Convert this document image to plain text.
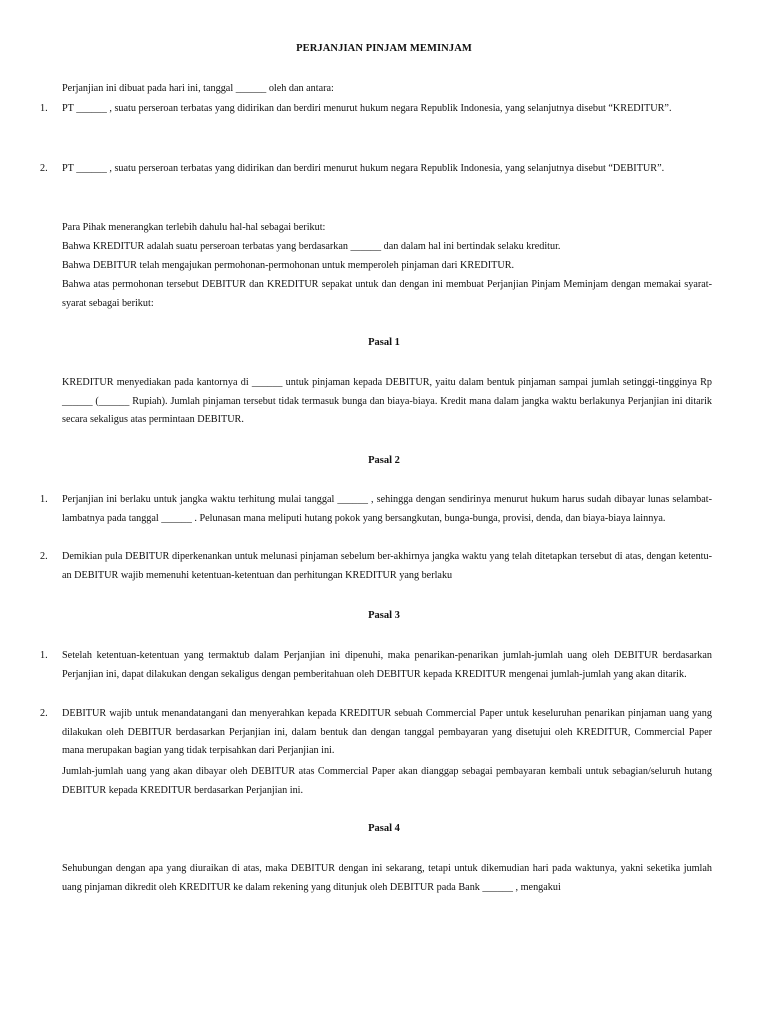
PERJANJIAN PINJAM MEMINJAM
Perjanjian ini dibuat pada hari ini, tanggal ______ oleh dan antara:
1.	PT ______ , suatu perseroan terbatas yang didirikan dan berdiri menurut hukum negara Republik Indonesia, yang selanjutnya disebut “KREDITUR”.
2.	PT ______ , suatu perseroan terbatas yang didirikan dan berdiri menurut hukum negara Republik Indonesia, yang selanjutnya disebut “DEBITUR”.
Para Pihak menerangkan terlebih dahulu hal-hal sebagai berikut:
Bahwa KREDITUR adalah suatu perseroan terbatas yang berdasarkan ______ dan dalam hal ini bertindak selaku kreditur.
Bahwa DEBITUR telah mengajukan permohonan-permohonan untuk memperoleh pinjaman dari KREDITUR.
Bahwa atas permohonan tersebut DEBITUR dan KREDITUR sepakat untuk dan dengan ini membuat Perjanjian Pinjam Meminjam dengan memakai syarat-syarat sebagai berikut:
Pasal 1
KREDITUR menyediakan pada kantornya di ______ untuk pinjaman kepada DEBITUR, yaitu dalam bentuk pinjaman sampai jumlah setinggi-tingginya Rp ______ (______ Rupiah). Jumlah pinjaman tersebut tidak termasuk bunga dan biaya-biaya. Kredit mana dalam jangka waktu berlakunya Perjanjian ini ditarik secara sekaligus atas permintaan DEBITUR.
Pasal 2
1.	Perjanjian ini berlaku untuk jangka waktu terhitung mulai tanggal ______ , sehingga dengan sendirinya menurut hukum harus sudah dibayar lunas selambat-lambatnya pada tanggal ______ . Pelunasan mana meliputi hutang pokok yang bersangkutan, bunga-bunga, provisi, denda, dan biaya-biaya lainnya.
2.	Demikian pula DEBITUR diperkenankan untuk melunasi pinjaman sebelum ber-akhirnya jangka waktu yang telah ditetapkan tersebut di atas, dengan ketentu-an DEBITUR wajib memenuhi ketentuan-ketentuan dan perhitungan KREDITUR yang berlaku
Pasal 3
1.	Setelah ketentuan-ketentuan yang termaktub dalam Perjanjian ini dipenuhi, maka penarikan-penarikan jumlah-jumlah uang oleh DEBITUR berdasarkan Perjanjian ini, dapat dilakukan dengan sekaligus dengan pemberitahuan oleh DEBITUR kepada KREDITUR mengenai jumlah-jumlah yang akan ditarik.
2.	DEBITUR wajib untuk menandatangani dan menyerahkan kepada KREDITUR sebuah Commercial Paper untuk keseluruhan penarikan pinjaman uang yang dilakukan oleh DEBITUR berdasarkan Perjanjian ini, dalam bentuk dan dengan tanggal pembayaran yang disetujui oleh KREDITUR, Commercial Paper mana merupakan bagian yang tidak terpisahkan dari Perjanjian ini.
Jumlah-jumlah uang yang akan dibayar oleh DEBITUR atas Commercial Paper akan dianggap sebagai pembayaran kembali untuk sebagian/seluruh hutang DEBITUR kepada KREDITUR berdasarkan Perjanjian ini.
Pasal 4
Sehubungan dengan apa yang diuraikan di atas, maka DEBITUR dengan ini sekarang, tetapi untuk dikemudian hari pada waktunya, yakni seketika jumlah uang pinjaman dikredit oleh KREDITUR ke dalam rekening yang ditunjuk oleh DEBITUR pada Bank ______ , mengakui
